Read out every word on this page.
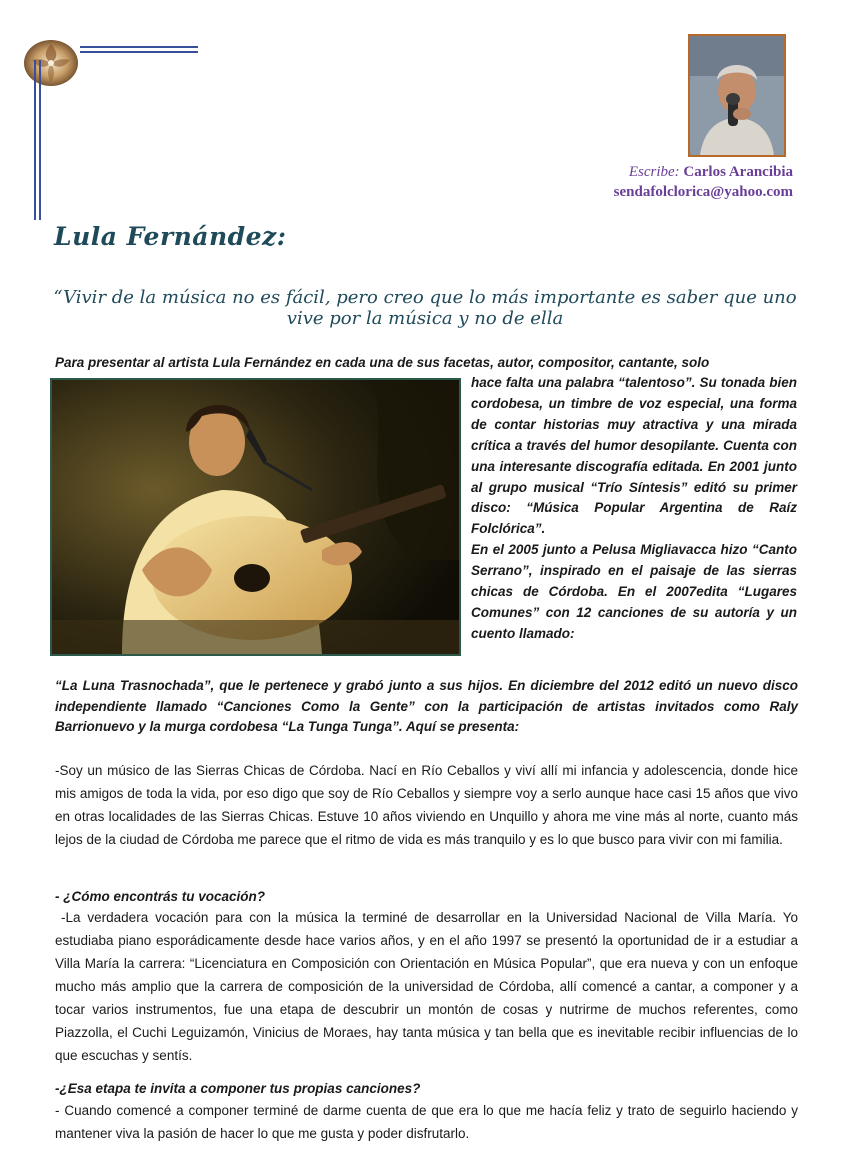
Escribe: Carlos Arancibia
sendafolclorica@yahoo.com
Lula Fernández:

“Vivir de la música no es fácil, pero creo que lo más importante es saber que uno vive por la música y no de ella

Para presentar al artista Lula Fernández en cada una de sus facetas, autor, compositor, cantante, solo

hace falta una palabra “talentoso”. Su tonada bien cordobesa, un timbre de voz especial, una forma de contar historias muy atractiva y una mirada crítica a través del humor desopilante. Cuenta con una interesante discografía editada. En 2001 junto al grupo musical “Trío Síntesis” editó su primer disco: “Música Popular Argentina de Raíz Folclórica”.

En el 2005 junto a Pelusa Migliavacca hizo “Canto Serrano”, inspirado en el paisaje de las sierras chicas de Córdoba. En el 2007edita “Lugares Comunes” con 12 canciones de su autoría y un cuento llamado:

“La Luna Trasnochada”, que le pertenece y grabó junto a sus hijos. En diciembre del 2012 editó un nuevo disco independiente llamado “Canciones Como la Gente” con la participación de artistas invitados como Raly Barrionuevo y la murga cordobesa “La Tunga Tunga”. Aquí se presenta:

-Soy un músico de las Sierras Chicas de Córdoba. Nací en Río Ceballos y viví allí mi infancia y adolescencia, donde hice mis amigos de toda la vida, por eso digo que soy de Río Ceballos y siempre voy a serlo aunque hace casi 15 años que vivo en otras localidades de las Sierras Chicas. Estuve 10 años viviendo en Unquillo y ahora me vine más al norte, cuanto más lejos de la ciudad de Córdoba me parece que el ritmo de vida es más tranquilo y es lo que busco para vivir con mi familia.

- ¿Cómo encontrás tu vocación?

-La verdadera vocación para con la música la terminé de desarrollar en la Universidad Nacional de Villa María. Yo estudiaba piano esporádicamente desde hace varios años, y en el año 1997 se presentó la oportunidad de ir a estudiar a Villa María la carrera: “Licenciatura en Composición con Orientación en Música Popular”, que era nueva y con un enfoque mucho más amplio que la carrera de composición de la universidad de Córdoba, allí comencé a cantar, a componer y a tocar varios instrumentos, fue una etapa de descubrir un montón de cosas y nutrirme de muchos referentes, como Piazzolla, el Cuchi Leguizamón, Vinicius de Moraes, hay tanta música y tan bella que es inevitable recibir influencias de lo que escuchas y sentís.

-¿Esa etapa te invita a componer tus propias canciones?

- Cuando comencé a componer terminé de darme cuenta de que era lo que me hacía feliz y trato de seguirlo haciendo y mantener viva la pasión de hacer lo que me gusta y poder disfrutarlo.
